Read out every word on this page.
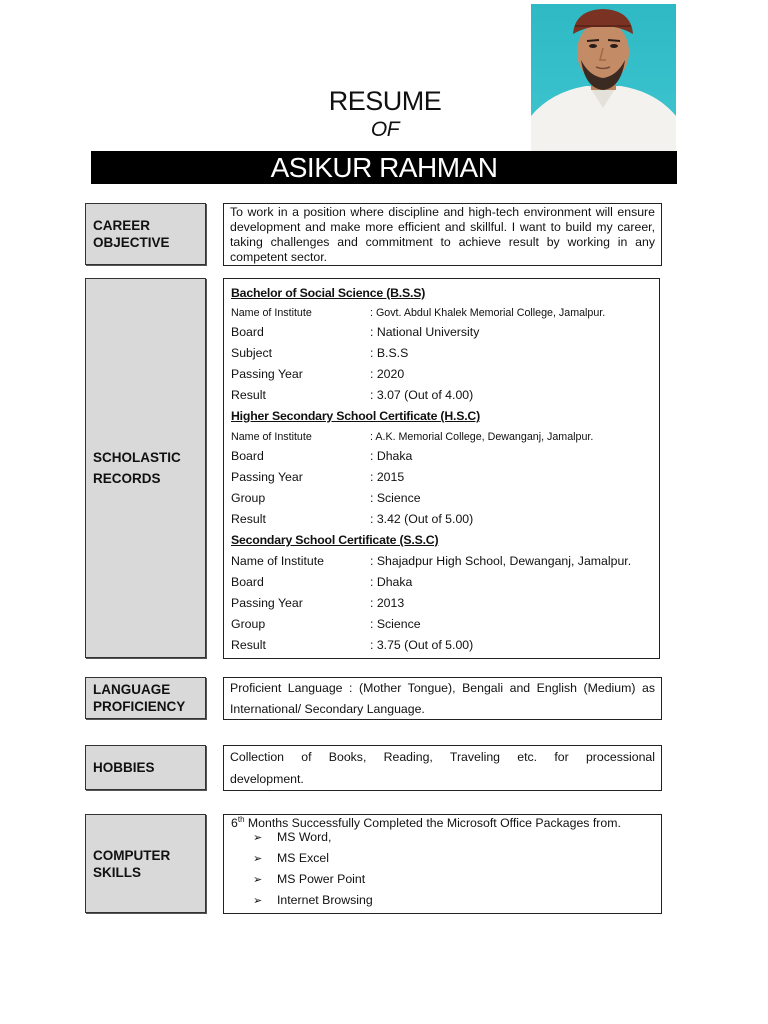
RESUME
OF
ASIKUR RAHMAN
CAREER
OBJECTIVE
To work in a position where discipline and high-tech environment will ensure development and make more efficient and skillful. I want to build my career, taking challenges and commitment to achieve result by working in any competent sector.
SCHOLASTIC
RECORDS
Bachelor of Social Science (B.S.S)
Name of Institute	: Govt. Abdul Khalek Memorial College, Jamalpur.
Board	: National University
Subject	: B.S.S
Passing Year	: 2020
Result	: 3.07 (Out of 4.00)
Higher Secondary School Certificate (H.S.C)
Name of Institute	: A.K. Memorial College, Dewanganj, Jamalpur.
Board	: Dhaka
Passing Year	: 2015
Group	: Science
Result	: 3.42 (Out of 5.00)
Secondary School Certificate (S.S.C)
Name of Institute	: Shajadpur High School, Dewanganj, Jamalpur.
Board	: Dhaka
Passing Year	: 2013
Group	: Science
Result	: 3.75 (Out of 5.00)
LANGUAGE
PROFICIENCY
Proficient Language : (Mother Tongue), Bengali and English (Medium) as
International/ Secondary Language.
HOBBIES
Collection of Books, Reading, Traveling etc. for processional
development.
COMPUTER
SKILLS
6th Months Successfully Completed the Microsoft Office Packages from.
➢ MS Word,
➢ MS Excel
➢ MS Power Point
➢ Internet Browsing
